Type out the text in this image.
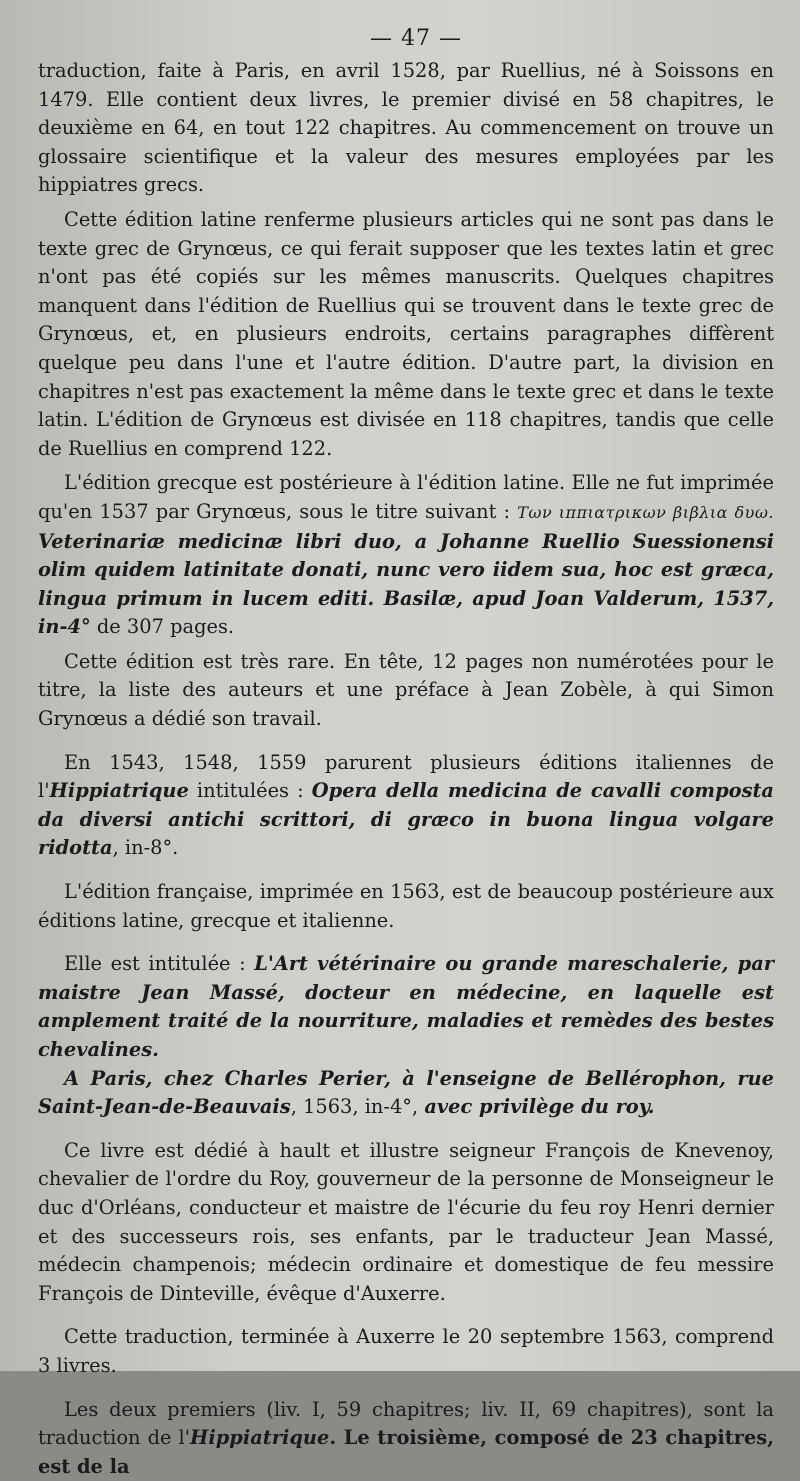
— 47 —

traduction, faite à Paris, en avril 1528, par Ruellius, né à Soissons en 1479. Elle contient deux livres, le premier divisé en 58 chapitres, le deuxième en 64, en tout 122 chapitres. Au commencement on trouve un glossaire scientifique et la valeur des mesures employées par les hippiatres grecs.

Cette édition latine renferme plusieurs articles qui ne sont pas dans le texte grec de Grynœus, ce qui ferait supposer que les textes latin et grec n'ont pas été copiés sur les mêmes manuscrits. Quelques chapitres manquent dans l'édition de Ruellius qui se trouvent dans le texte grec de Grynœus, et, en plusieurs endroits, certains paragraphes diffèrent quelque peu dans l'une et l'autre édition. D'autre part, la division en chapitres n'est pas exactement la même dans le texte grec et dans le texte latin. L'édition de Grynœus est divisée en 118 chapitres, tandis que celle de Ruellius en comprend 122.

L'édition grecque est postérieure à l'édition latine. Elle ne fut imprimée qu'en 1537 par Grynœus, sous le titre suivant : Των ιππιατρικων βιβλια δυω. Veterinariæ medicinæ libri duo, a Johanne Ruellio Suessionensi olim quidem latinitate donati, nunc vero iidem sua, hoc est græca, lingua primum in lucem editi. Basilæ, apud Joan Valderum, 1537, in-4° de 307 pages.

Cette édition est très rare. En tête, 12 pages non numérotées pour le titre, la liste des auteurs et une préface à Jean Zobèle, à qui Simon Grynœus a dédié son travail.

En 1543, 1548, 1559 parurent plusieurs éditions italiennes de l'Hippiatrique intitulées : Opera della medicina de cavalli composta da diversi antichi scrittori, di græco in buona lingua volgare ridotta, in-8°.

L'édition française, imprimée en 1563, est de beaucoup postérieure aux éditions latine, grecque et italienne.

Elle est intitulée : L'Art vétérinaire ou grande mareschalerie, par maistre Jean Massé, docteur en médecine, en laquelle est amplement traité de la nourriture, maladies et remèdes des bestes chevalines.

A Paris, chez Charles Perier, à l'enseigne de Bellérophon, rue Saint-Jean-de-Beauvais, 1563, in-4°, avec privilège du roy.

Ce livre est dédié à hault et illustre seigneur François de Knevenoy, chevalier de l'ordre du Roy, gouverneur de la personne de Monseigneur le duc d'Orléans, conducteur et maistre de l'écurie du feu roy Henri dernier et des successeurs rois, ses enfants, par le traducteur Jean Massé, médecin champenois; médecin ordinaire et domestique de feu messire François de Dinteville, évêque d'Auxerre.

Cette traduction, terminée à Auxerre le 20 septembre 1563, comprend 3 livres.

Les deux premiers (liv. I, 59 chapitres; liv. II, 69 chapitres), sont la traduction de l'Hippiatrique. Le troisième, composé de 23 chapitres, est de la
